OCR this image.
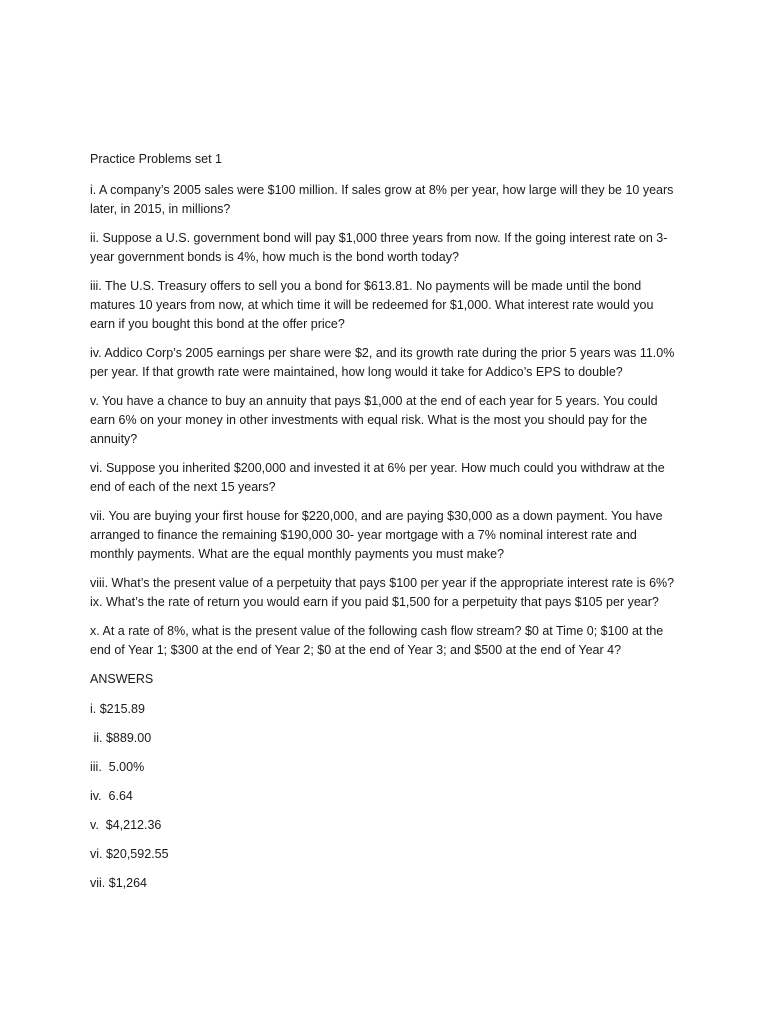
Practice Problems set 1
i. A company’s 2005 sales were $100 million. If sales grow at 8% per year, how large will they be 10 years later, in 2015, in millions?
ii. Suppose a U.S. government bond will pay $1,000 three years from now. If the going interest rate on 3-year government bonds is 4%, how much is the bond worth today?
iii. The U.S. Treasury offers to sell you a bond for $613.81. No payments will be made until the bond matures 10 years from now, at which time it will be redeemed for $1,000. What interest rate would you earn if you bought this bond at the offer price?
iv. Addico Corp’s 2005 earnings per share were $2, and its growth rate during the prior 5 years was 11.0% per year. If that growth rate were maintained, how long would it take for Addico’s EPS to double?
v. You have a chance to buy an annuity that pays $1,000 at the end of each year for 5 years. You could earn 6% on your money in other investments with equal risk. What is the most you should pay for the annuity?
vi. Suppose you inherited $200,000 and invested it at 6% per year. How much could you withdraw at the end of each of the next 15 years?
vii. You are buying your first house for $220,000, and are paying $30,000 as a down payment. You have arranged to finance the remaining $190,000 30- year mortgage with a 7% nominal interest rate and monthly payments. What are the equal monthly payments you must make?
viii. What’s the present value of a perpetuity that pays $100 per year if the appropriate interest rate is 6%?
ix. What’s the rate of return you would earn if you paid $1,500 for a perpetuity that pays $105 per year?
x. At a rate of 8%, what is the present value of the following cash flow stream? $0 at Time 0; $100 at the end of Year 1; $300 at the end of Year 2; $0 at the end of Year 3; and $500 at the end of Year 4?
ANSWERS
i. $215.89
ii. $889.00
iii.  5.00%
iv.  6.64
v.  $4,212.36
vi. $20,592.55
vii. $1,264
